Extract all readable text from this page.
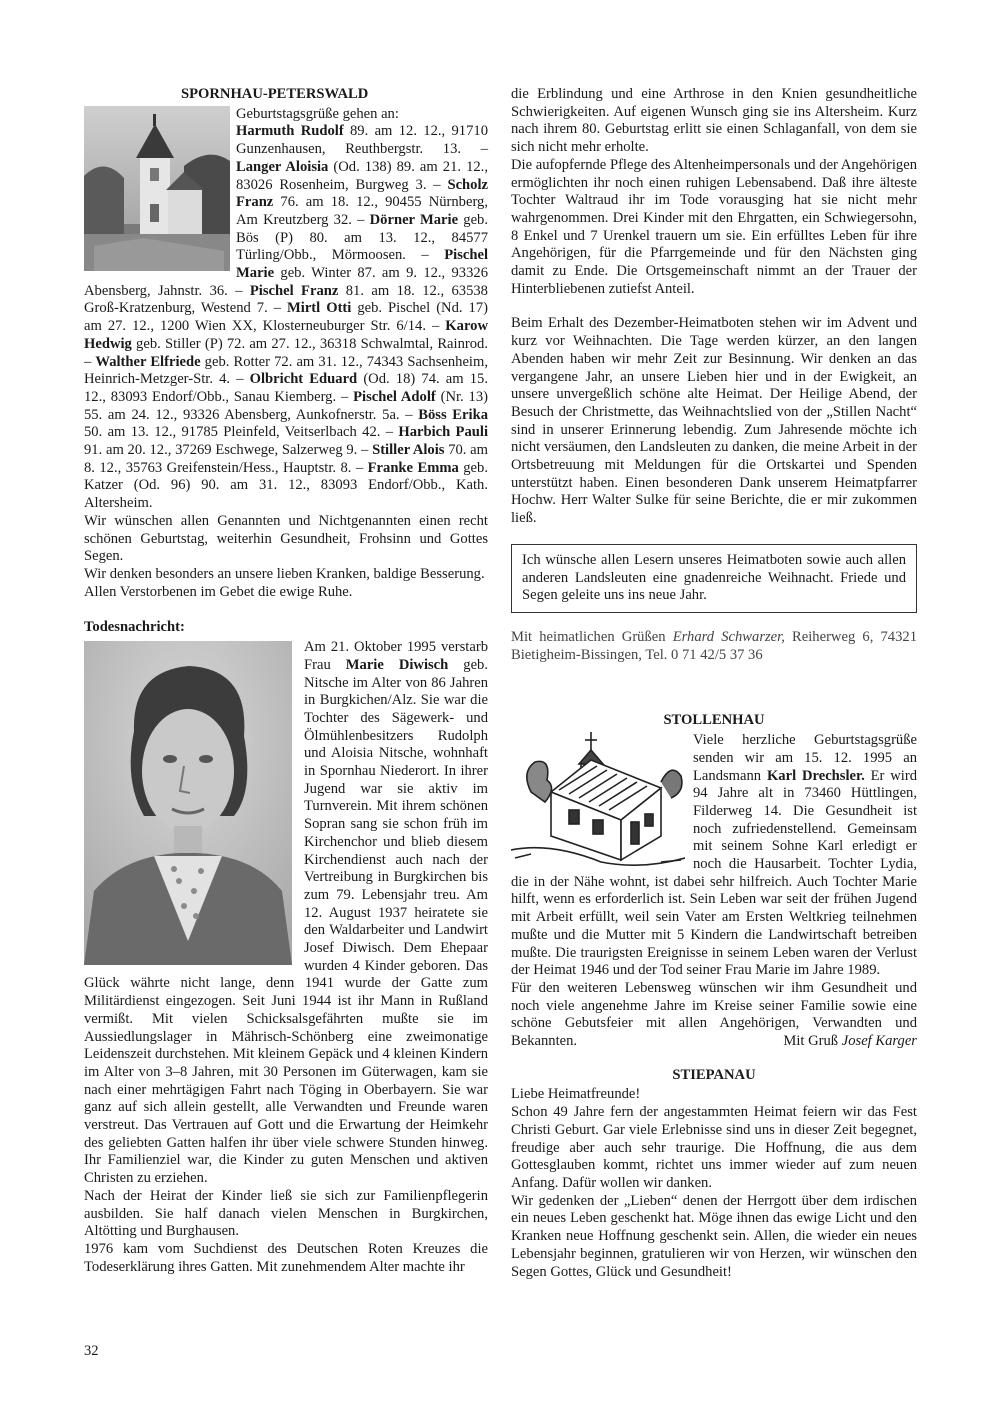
SPORNHAU-PETERSWALD

Geburtstagsgrüße gehen an:

Harmuth Rudolf 89. am 12. 12., 91710 Gunzenhausen, Reuthbergstr. 13. – Langer Aloisia (Od. 138) 89. am 21. 12., 83026 Rosenheim, Burgweg 3. – Scholz Franz 76. am 18. 12., 90455 Nürnberg, Am Kreutzberg 32. – Dörner Marie geb. Bös (P) 80. am 13. 12., 84577 Türling/Obb., Mörmoosen. – Pischel Marie geb. Winter 87. am 9. 12., 93326 Abensberg, Jahnstr. 36. – Pischel Franz 81. am 18. 12., 63538 Groß-Kratzenburg, Westend 7. – Mirtl Otti geb. Pischel (Nd. 17) am 27. 12., 1200 Wien XX, Klosterneuburger Str. 6/14. – Karow Hedwig geb. Stiller (P) 72. am 27. 12., 36318 Schwalmtal, Rainrod. – Walther Elfriede geb. Rotter 72. am 31. 12., 74343 Sachsenheim, Heinrich-Metzger-Str. 4. – Olbricht Eduard (Od. 18) 74. am 15. 12., 83093 Endorf/Obb., Sanau Kiemberg. – Pischel Adolf (Nr. 13) 55. am 24. 12., 93326 Abensberg, Aunkofnerstr. 5a. – Böss Erika 50. am 13. 12., 91785 Pleinfeld, Veitserlbach 42. – Harbich Pauli 91. am 20. 12., 37269 Eschwege, Salzerweg 9. – Stiller Alois 70. am 8. 12., 35763 Greifenstein/Hess., Hauptstr. 8. – Franke Emma geb. Katzer (Od. 96) 90. am 31. 12., 83093 Endorf/Obb., Kath. Altersheim.

Wir wünschen allen Genannten und Nichtgenannten einen recht schönen Geburtstag, weiterhin Gesundheit, Frohsinn und Gottes Segen.

Wir denken besonders an unsere lieben Kranken, baldige Besserung.

Allen Verstorbenen im Gebet die ewige Ruhe.

Todesnachricht:

Am 21. Oktober 1995 verstarb Frau Marie Diwisch geb. Nitsche im Alter von 86 Jahren in Burgkichen/Alz. Sie war die Tochter des Sägewerk- und Ölmühlenbesitzers Rudolph und Aloisia Nitsche, wohnhaft in Spornhau Niederort. In ihrer Jugend war sie aktiv im Turnverein. Mit ihrem schönen Sopran sang sie schon früh im Kirchenchor und blieb diesem Kirchendienst auch nach der Vertreibung in Burgkirchen bis zum 79. Lebensjahr treu. Am 12. August 1937 heiratete sie den Waldarbeiter und Landwirt Josef Diwisch. Dem Ehepaar wurden 4 Kinder geboren. Das Glück währte nicht lange, denn 1941 wurde der Gatte zum Militärdienst eingezogen. Seit Juni 1944 ist ihr Mann in Rußland vermißt. Mit vielen Schicksalsgefährten mußte sie im Aussiedlungslager in Mährisch-Schönberg eine zweimonatige Leidenszeit durchstehen. Mit kleinem Gepäck und 4 kleinen Kindern im Alter von 3–8 Jahren, mit 30 Personen im Güterwagen, kam sie nach einer mehrtägigen Fahrt nach Töging in Oberbayern. Sie war ganz auf sich allein gestellt, alle Verwandten und Freunde waren verstreut. Das Vertrauen auf Gott und die Erwartung der Heimkehr des geliebten Gatten halfen ihr über viele schwere Stunden hinweg. Ihr Familienziel war, die Kinder zu guten Menschen und aktiven Christen zu erziehen.

Nach der Heirat der Kinder ließ sie sich zur Familienpflegerin ausbilden. Sie half danach vielen Menschen in Burgkirchen, Altötting und Burghausen.

1976 kam vom Suchdienst des Deutschen Roten Kreuzes die Todeserklärung ihres Gatten. Mit zunehmendem Alter machte ihr

die Erblindung und eine Arthrose in den Knien gesundheitliche Schwierigkeiten. Auf eigenen Wunsch ging sie ins Altersheim. Kurz nach ihrem 80. Geburtstag erlitt sie einen Schlaganfall, von dem sie sich nicht mehr erholte.

Die aufopfernde Pflege des Altenheimpersonals und der Angehörigen ermöglichten ihr noch einen ruhigen Lebensabend. Daß ihre älteste Tochter Waltraud ihr im Tode vorausging hat sie nicht mehr wahrgenommen. Drei Kinder mit den Ehrgatten, ein Schwiegersohn, 8 Enkel und 7 Urenkel trauern um sie. Ein erfülltes Leben für ihre Angehörigen, für die Pfarrgemeinde und für den Nächsten ging damit zu Ende. Die Ortsgemeinschaft nimmt an der Trauer der Hinterbliebenen zutiefst Anteil.

Beim Erhalt des Dezember-Heimatboten stehen wir im Advent und kurz vor Weihnachten. Die Tage werden kürzer, an den langen Abenden haben wir mehr Zeit zur Besinnung. Wir denken an das vergangene Jahr, an unsere Lieben hier und in der Ewigkeit, an unsere unvergeßlich schöne alte Heimat. Der Heilige Abend, der Besuch der Christmette, das Weihnachtslied von der „Stillen Nacht“ sind in unserer Erinnerung lebendig. Zum Jahresende möchte ich nicht versäumen, den Landsleuten zu danken, die meine Arbeit in der Ortsbetreuung mit Meldungen für die Ortskartei und Spenden unterstützt haben. Einen besonderen Dank unserem Heimatpfarrer Hochw. Herr Walter Sulke für seine Berichte, die er mir zukommen ließ.

Ich wünsche allen Lesern unseres Heimatboten sowie auch allen anderen Landsleuten eine gnadenreiche Weihnacht. Friede und Segen geleite uns ins neue Jahr.

Mit heimatlichen Grüßen Erhard Schwarzer, Reiherweg 6, 74321 Bietigheim-Bissingen, Tel. 0 71 42/5 37 36

STOLLENHAU

Viele herzliche Geburtstagsgrüße senden wir am 15. 12. 1995 an Landsmann Karl Drechsler. Er wird 94 Jahre alt in 73460 Hüttlingen, Filderweg 14. Die Gesundheit ist noch zufriedenstellend. Gemeinsam mit seinem Sohne Karl erledigt er noch die Hausarbeit. Tochter Lydia, die in der Nähe wohnt, ist dabei sehr hilfreich. Auch Tochter Marie hilft, wenn es erforderlich ist. Sein Leben war seit der frühen Jugend mit Arbeit erfüllt, weil sein Vater am Ersten Weltkrieg teilnehmen mußte und die Mutter mit 5 Kindern die Landwirtschaft betreiben mußte. Die traurigsten Ereignisse in seinem Leben waren der Verlust der Heimat 1946 und der Tod seiner Frau Marie im Jahre 1989.

Für den weiteren Lebensweg wünschen wir ihm Gesundheit und noch viele angenehme Jahre im Kreise seiner Familie sowie eine schöne Gebutsfeier mit allen Angehörigen, Verwandten und Bekannten.	Mit Gruß Josef Karger

STIEPANAU

Liebe Heimatfreunde!

Schon 49 Jahre fern der angestammten Heimat feiern wir das Fest Christi Geburt. Gar viele Erlebnisse sind uns in dieser Zeit begegnet, freudige aber auch sehr traurige. Die Hoffnung, die aus dem Gottesglauben kommt, richtet uns immer wieder auf zum neuen Anfang. Dafür wollen wir danken.

Wir gedenken der „Lieben“ denen der Herrgott über dem irdischen ein neues Leben geschenkt hat. Möge ihnen das ewige Licht und den Kranken neue Hoffnung geschenkt sein. Allen, die wieder ein neues Lebensjahr beginnen, gratulieren wir von Herzen, wir wünschen den Segen Gottes, Glück und Gesundheit!

32
